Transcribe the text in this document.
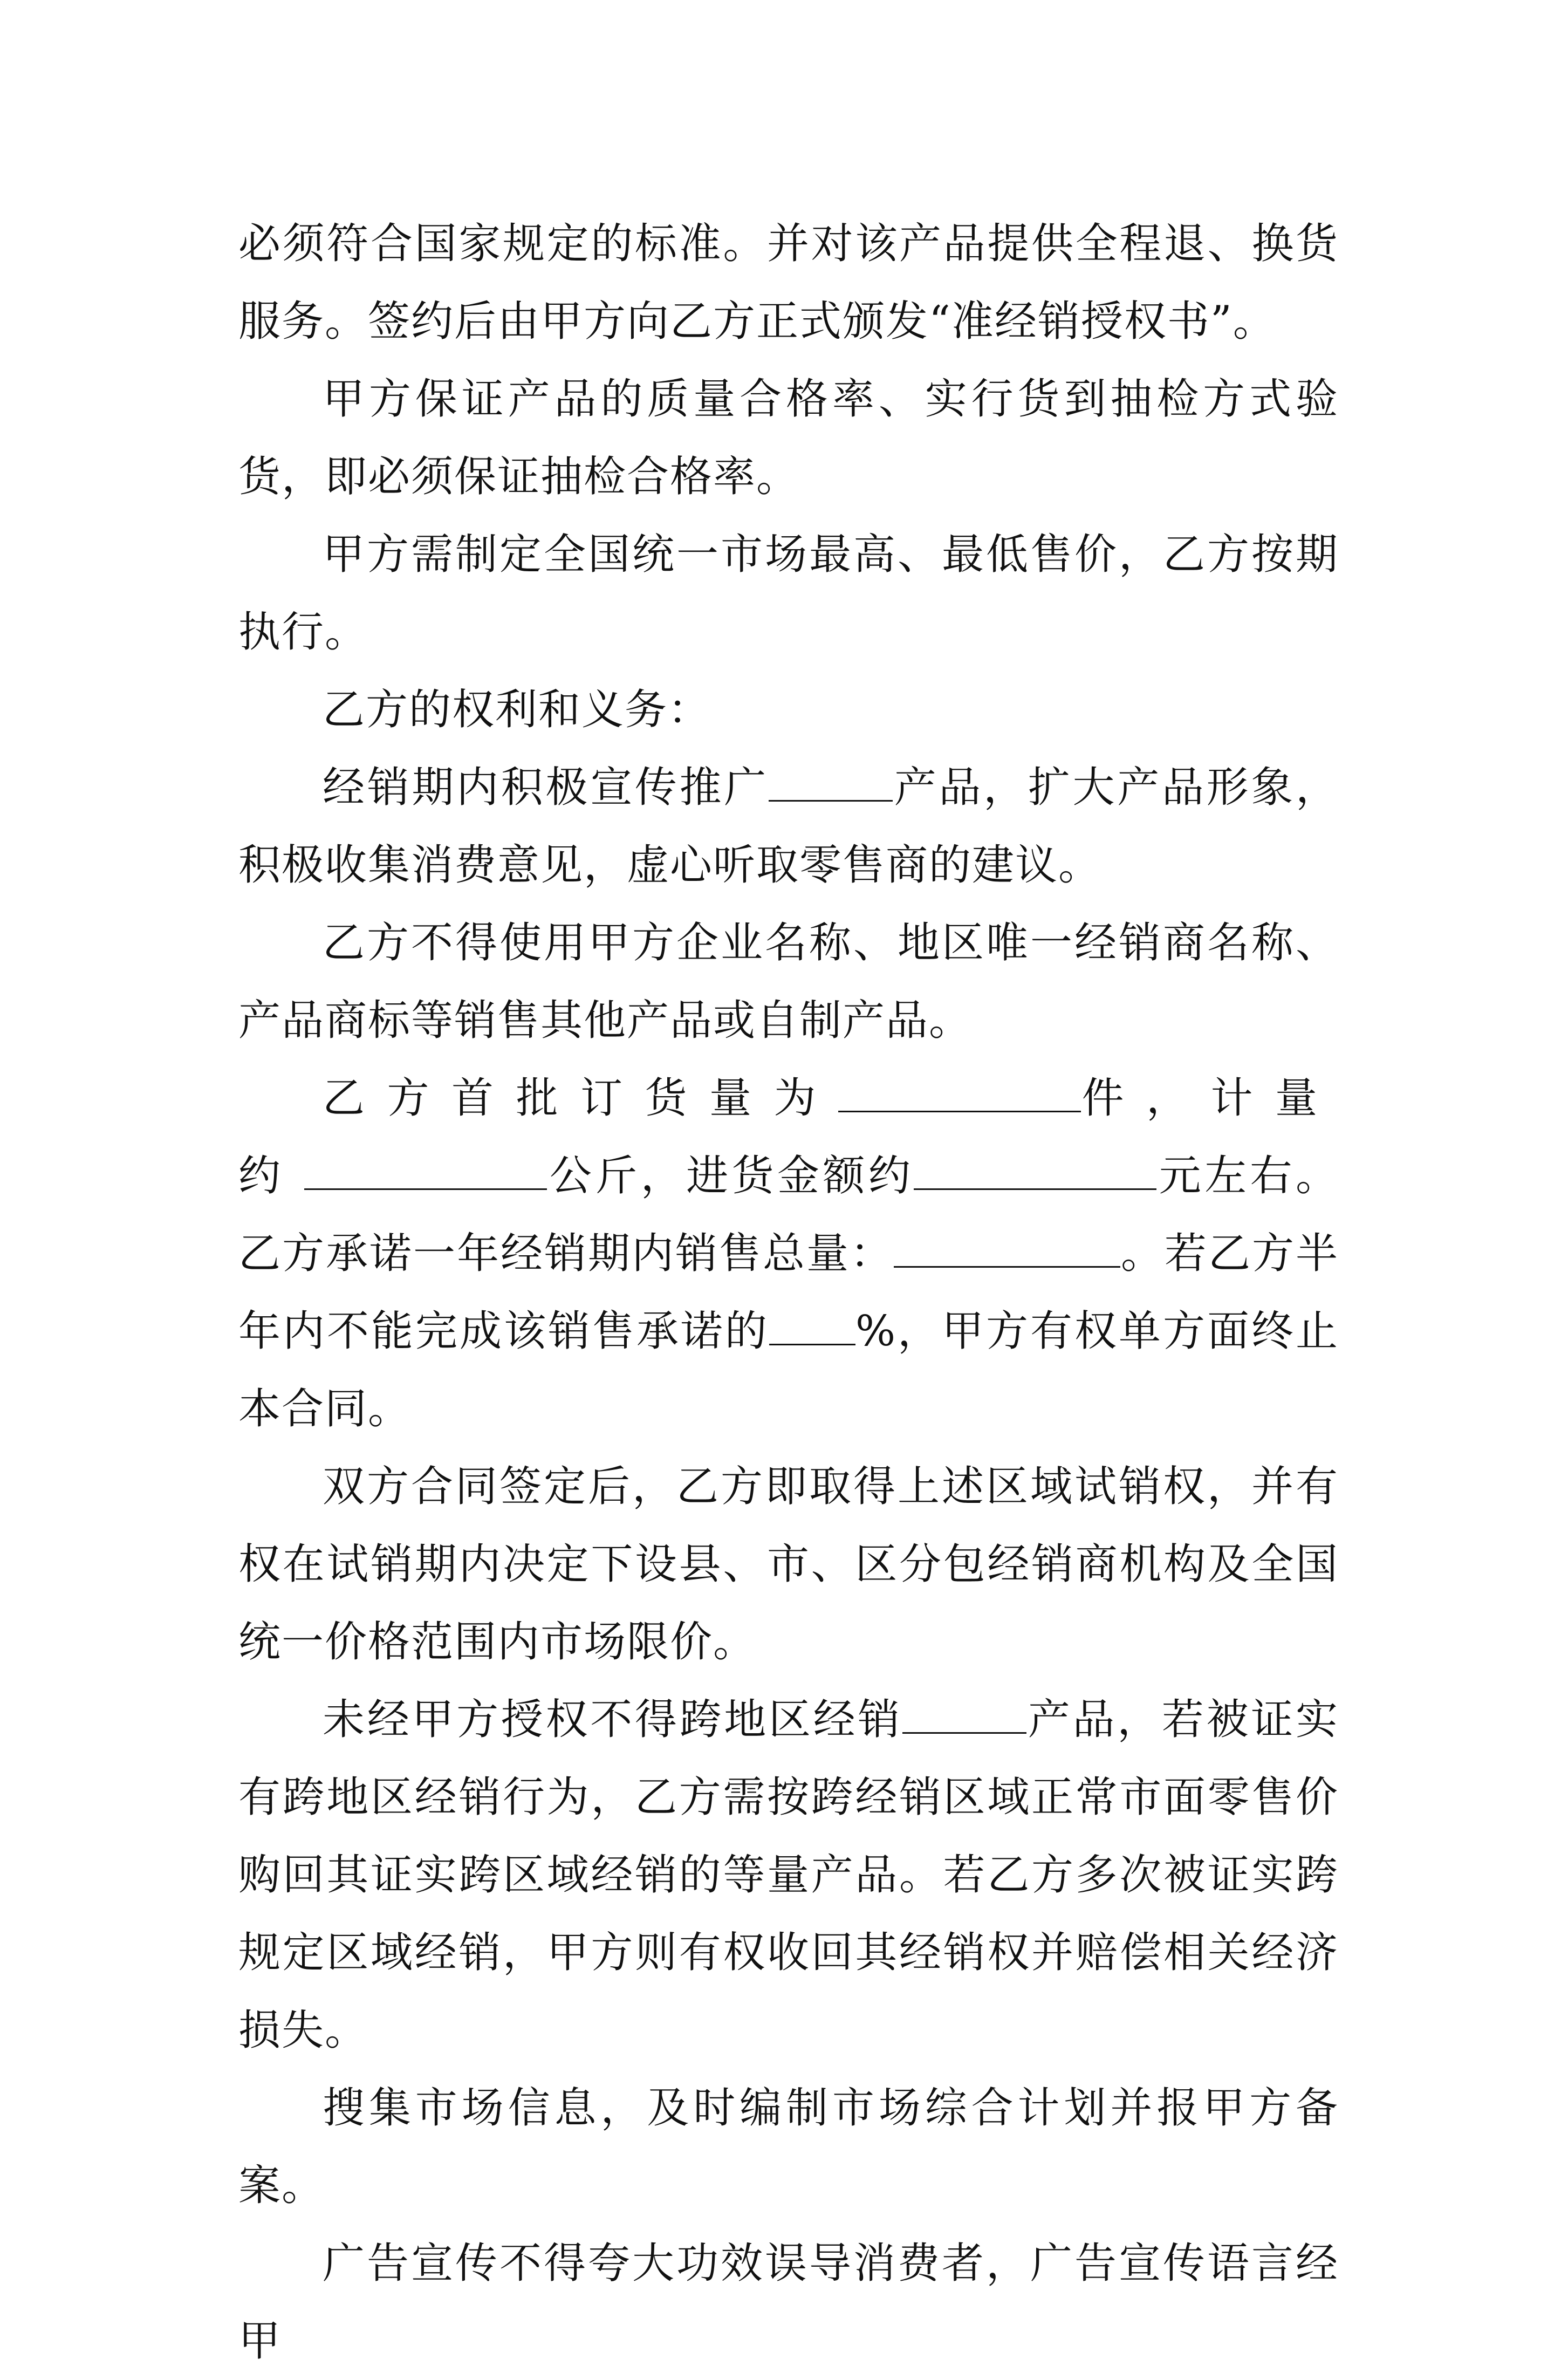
必须符合国家规定的标准。并对该产品提供全程退、换货服务。签约后由甲方向乙方正式颁发“准经销授权书”。

甲方保证产品的质量合格率、实行货到抽检方式验货，即必须保证抽检合格率。

甲方需制定全国统一市场最高、最低售价，乙方按期执行。

乙方的权利和义务：

经销期内积极宣传推广	产品，扩大产品形象，积极收集消费意见，虚心听取零售商的建议。

乙方不得使用甲方企业名称、地区唯一经销商名称、产品商标等销售其他产品或自制产品。

乙方首批订货量为	件，计量约	公斤，进货金额约	元左右。乙方承诺一年经销期内销售总量：	。若乙方半年内不能完成该销售承诺的 %，甲方有权单方面终止本合同。

双方合同签定后，乙方即取得上述区域试销权，并有权在试销期内决定下设县、市、区分包经销商机构及全国统一价格范围内市场限价。

未经甲方授权不得跨地区经销	产品，若被证实有跨地区经销行为，乙方需按跨经销区域正常市面零售价购回其证实跨区域经销的等量产品。若乙方多次被证实跨规定区域经销，甲方则有权收回其经销权并赔偿相关经济损失。

搜集市场信息，及时编制市场综合计划并报甲方备案。

广告宣传不得夸大功效误导消费者，广告宣传语言经甲
